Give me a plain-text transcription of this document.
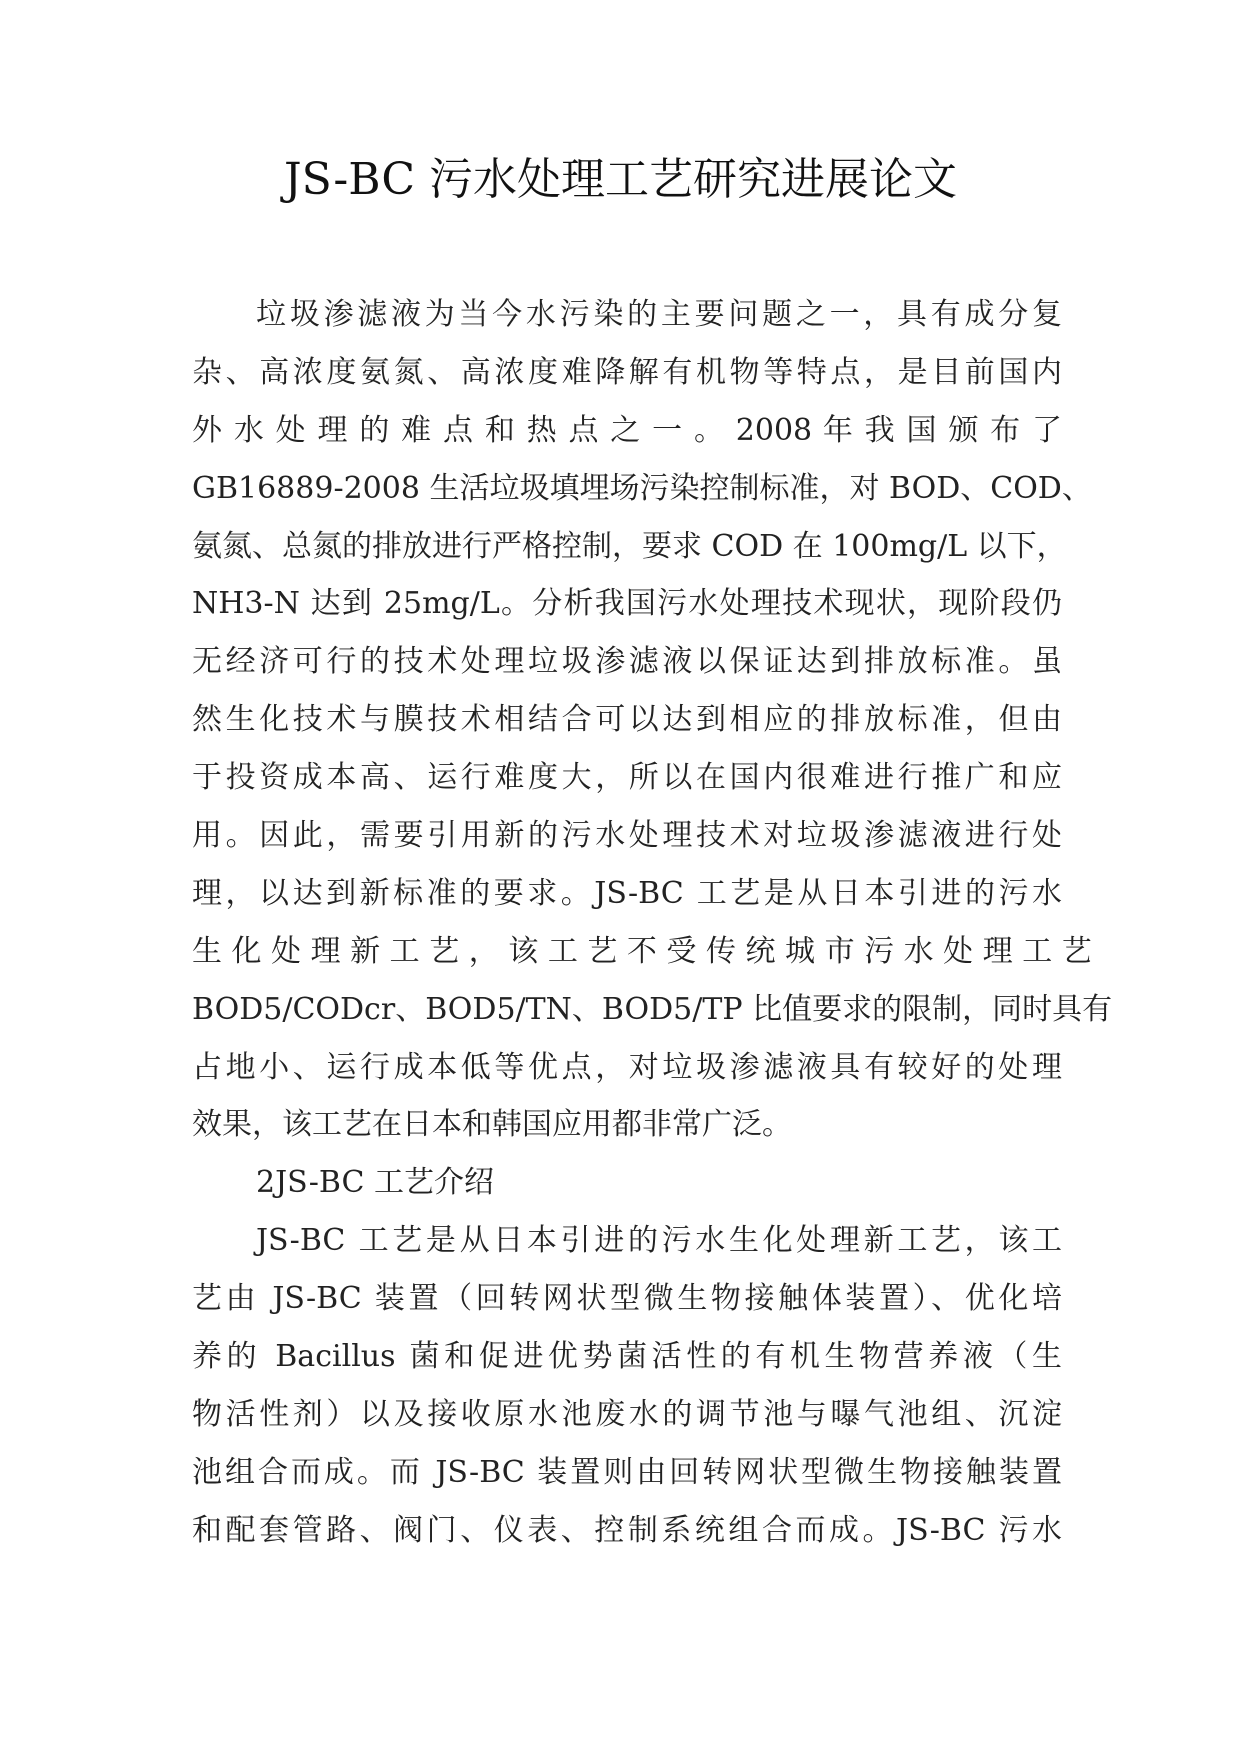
JS-BC 污水处理工艺研究进展论文
垃圾渗滤液为当今水污染的主要问题之一，具有成分复
杂、高浓度氨氮、高浓度难降解有机物等特点，是目前国内
外 水 处 理 的 难 点 和 热 点 之 一 。 2008 年 我 国 颁 布 了
GB16889-2008 生活垃圾填埋场污染控制标准，对 BOD、COD、
氨氮、总氮的排放进行严格控制，要求 COD 在 100mg/L 以下，
NH3-N 达到 25mg/L。分析我国污水处理技术现状，现阶段仍
无经济可行的技术处理垃圾渗滤液以保证达到排放标准。虽
然生化技术与膜技术相结合可以达到相应的排放标准，但由
于投资成本高、运行难度大，所以在国内很难进行推广和应
用。因此，需要引用新的污水处理技术对垃圾渗滤液进行处
理，以达到新标准的要求。JS-BC 工艺是从日本引进的污水
生 化 处 理 新 工 艺 ， 该 工 艺 不 受 传 统 城 市 污 水 处 理 工 艺
BOD5/CODcr、BOD5/TN、BOD5/TP 比值要求的限制，同时具有
占地小、运行成本低等优点，对垃圾渗滤液具有较好的处理
效果，该工艺在日本和韩国应用都非常广泛。
2JS-BC 工艺介绍
JS-BC 工艺是从日本引进的污水生化处理新工艺，该工
艺由 JS-BC 装置（回转网状型微生物接触体装置）、优化培
养的 Bacillus 菌和促进优势菌活性的有机生物营养液（生
物活性剂）以及接收原水池废水的调节池与曝气池组、沉淀
池组合而成。而 JS-BC 装置则由回转网状型微生物接触装置
和配套管路、阀门、仪表、控制系统组合而成。JS-BC 污水
